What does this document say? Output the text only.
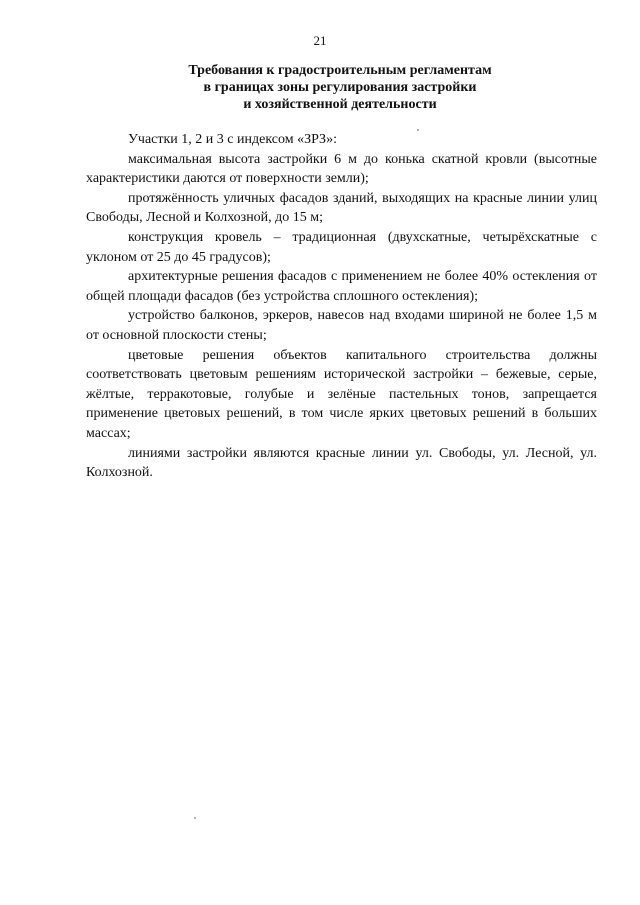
21
Требования к градостроительным регламентам
в границах зоны регулирования застройки
и хозяйственной деятельности

Участки 1, 2 и 3 с индексом «ЗРЗ»:

максимальная высота застройки 6 м до конька скатной кровли (высотные характеристики даются от поверхности земли);

протяжённость уличных фасадов зданий, выходящих на красные линии улиц Свободы, Лесной и Колхозной, до 15 м;

конструкция кровель – традиционная (двухскатные, четырёхскатные с уклоном от 25 до 45 градусов);

архитектурные решения фасадов с применением не более 40% остекления от общей площади фасадов (без устройства сплошного остекления);

устройство балконов, эркеров, навесов над входами шириной не более 1,5 м от основной плоскости стены;

цветовые решения объектов капитального строительства должны соответствовать цветовым решениям исторической застройки – бежевые, серые, жёлтые, терракотовые, голубые и зелёные пастельных тонов, запрещается применение цветовых решений, в том числе ярких цветовых решений в больших массах;

линиями застройки являются красные линии ул. Свободы, ул. Лесной, ул. Колхозной.
